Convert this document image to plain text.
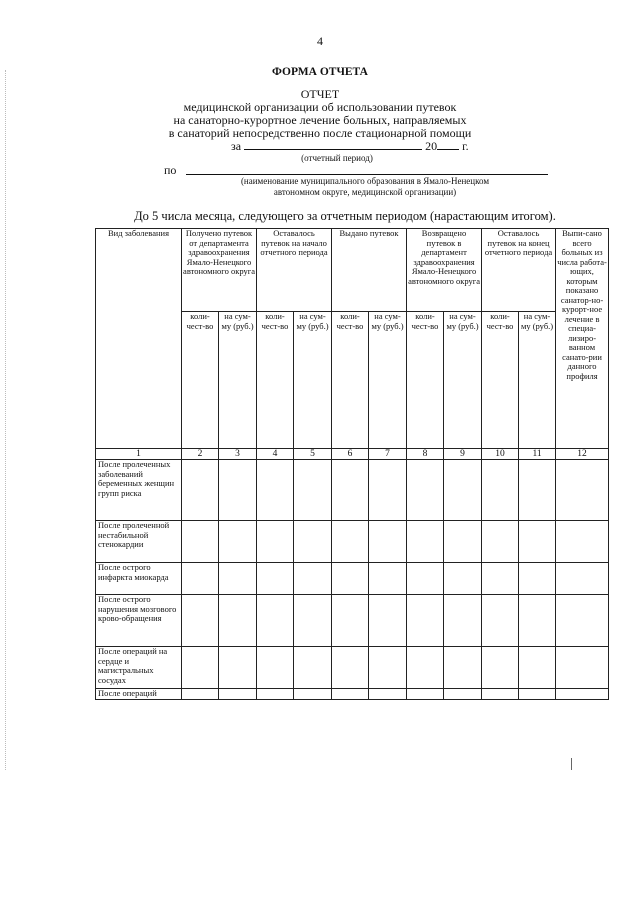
4
ФОРМА ОТЧЕТА
ОТЧЕТ
медицинской организации об использовании путевок
на санаторно-курортное лечение больных, направляемых
в санаторий непосредственно после стационарной помощи
за	20 г.
(отчетный период)
по
(наименование муниципального образования в Ямало-Ненецком
автономном округе, медицинской организации)
До 5 числа месяца, следующего за отчетным периодом (нарастающим итогом).
Вид заболевания	Получено путевок от департамента здравоохранения Ямало-Ненецкого автономного округа		Оставалось путевок на начало отчетного периода		Выдано путевок		Возвращено путевок в департамент здравоохранения Ямало-Ненецкого автономного округа		Оставалось путевок на конец отчетного периода		Выпи-сано всего больных из числа работа-ющих, которым показано санатор-но-курорт-ное лечение в специа-лизиро-ванном санато-рии данного профиля
	коли-чест-во	на сум-му (руб.)	коли-чест-во	на сум-му (руб.)	коли-чест-во	на сум-му (руб.)	коли-чест-во	на сум-му (руб.)	коли-чест-во	на сум-му (руб.)	
1	2	3	4	5	6	7	8	9	10	11	12
После пролеченных заболеваний беременных женщин групп риска											
После пролеченной нестабильной стенокардии											
После острого инфаркта миокарда											
После острого нарушения мозгового крово-обращения											
После операций на сердце и магистральных сосудах											
После операций											
